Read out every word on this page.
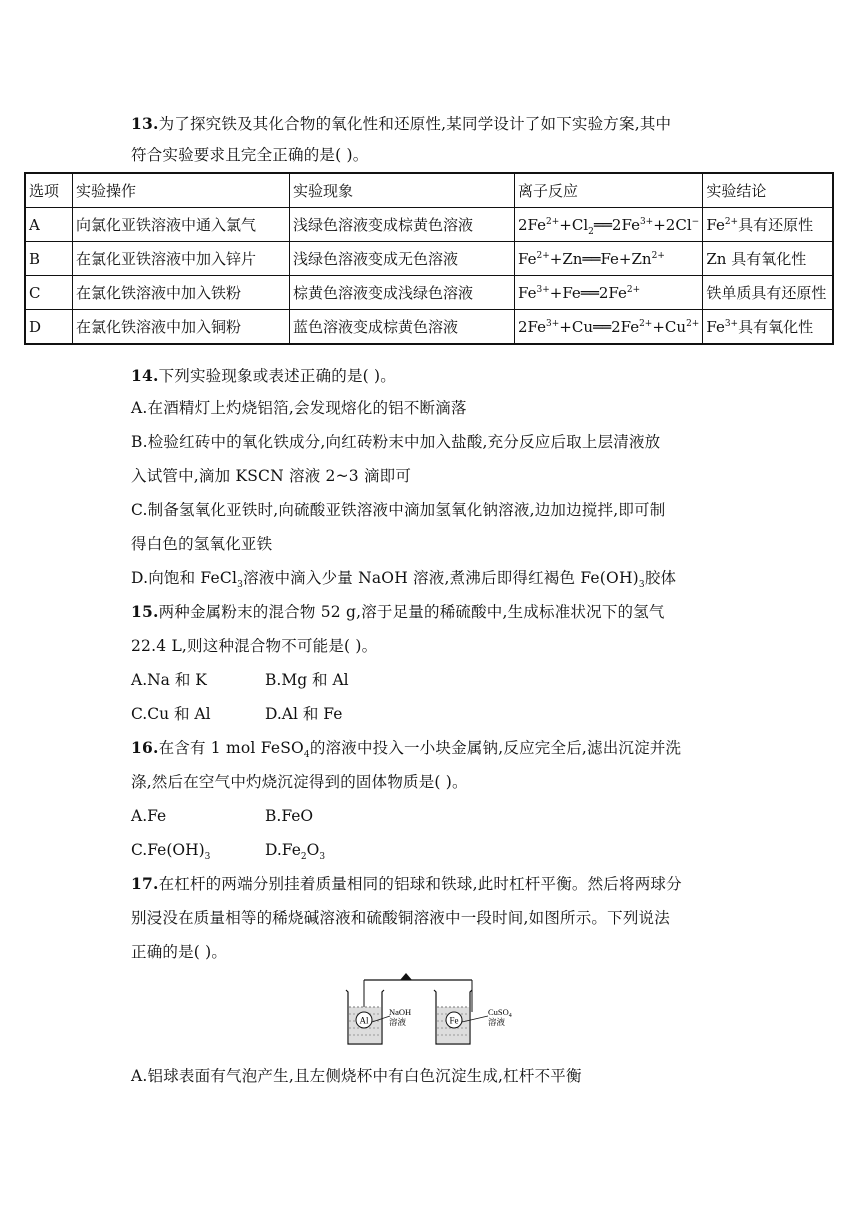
13.为了探究铁及其化合物的氧化性和还原性,某同学设计了如下实验方案,其中
符合实验要求且完全正确的是( )。
选项	实验操作	实验现象	离子反应	实验结论
A	向氯化亚铁溶液中通入氯气	浅绿色溶液变成棕黄色溶液	$2Fe^{2+}+Cl_2══2Fe^{3+}+2Cl^-$	$Fe^{2+}$具有还原性
B	在氯化亚铁溶液中加入锌片	浅绿色溶液变成无色溶液	$Fe^{2+}+Zn══Fe+Zn^{2+}$	Zn 具有氧化性
C	在氯化铁溶液中加入铁粉	棕黄色溶液变成浅绿色溶液	$Fe^{3+}+Fe══2Fe^{2+}$	铁单质具有还原性
D	在氯化铁溶液中加入铜粉	蓝色溶液变成棕黄色溶液	$2Fe^{3+}+Cu══2Fe^{2+}+Cu^{2+}$	$Fe^{3+}$具有氧化性
14.下列实验现象或表述正确的是( )。
A.在酒精灯上灼烧铝箔,会发现熔化的铝不断滴落
B.检验红砖中的氧化铁成分,向红砖粉末中加入盐酸,充分反应后取上层清液放
入试管中,滴加 KSCN 溶液 2~3 滴即可
C.制备氢氧化亚铁时,向硫酸亚铁溶液中滴加氢氧化钠溶液,边加边搅拌,即可制
得白色的氢氧化亚铁
D.向饱和 FeCl$_3$溶液中滴入少量 NaOH 溶液,煮沸后即得红褐色 $Fe(OH)_3$胶体
15.两种金属粉末的混合物 52 g,溶于足量的稀硫酸中,生成标准状况下的氢气
22.4 L,则这种混合物不可能是( )。
A.Na 和 K	B.Mg 和 Al
C.Cu 和 Al	D.Al 和 Fe
16.在含有 1 mol FeSO$_4$的溶液中投入一小块金属钠,反应完全后,滤出沉淀并洗
涤,然后在空气中灼烧沉淀得到的固体物质是( )。
A.Fe	B.FeO
$C.Fe(OH)_3$	$D.Fe_2O_3$
17.在杠杆的两端分别挂着质量相同的铝球和铁球,此时杠杆平衡。然后将两球分
别浸没在质量相等的稀烧碱溶液和硫酸铜溶液中一段时间,如图所示。下列说法
正确的是( )。
Al
NaOH
溶液	Fe
CuSO$_4$
溶液
A.铝球表面有气泡产生,且左侧烧杯中有白色沉淀生成,杠杆不平衡
